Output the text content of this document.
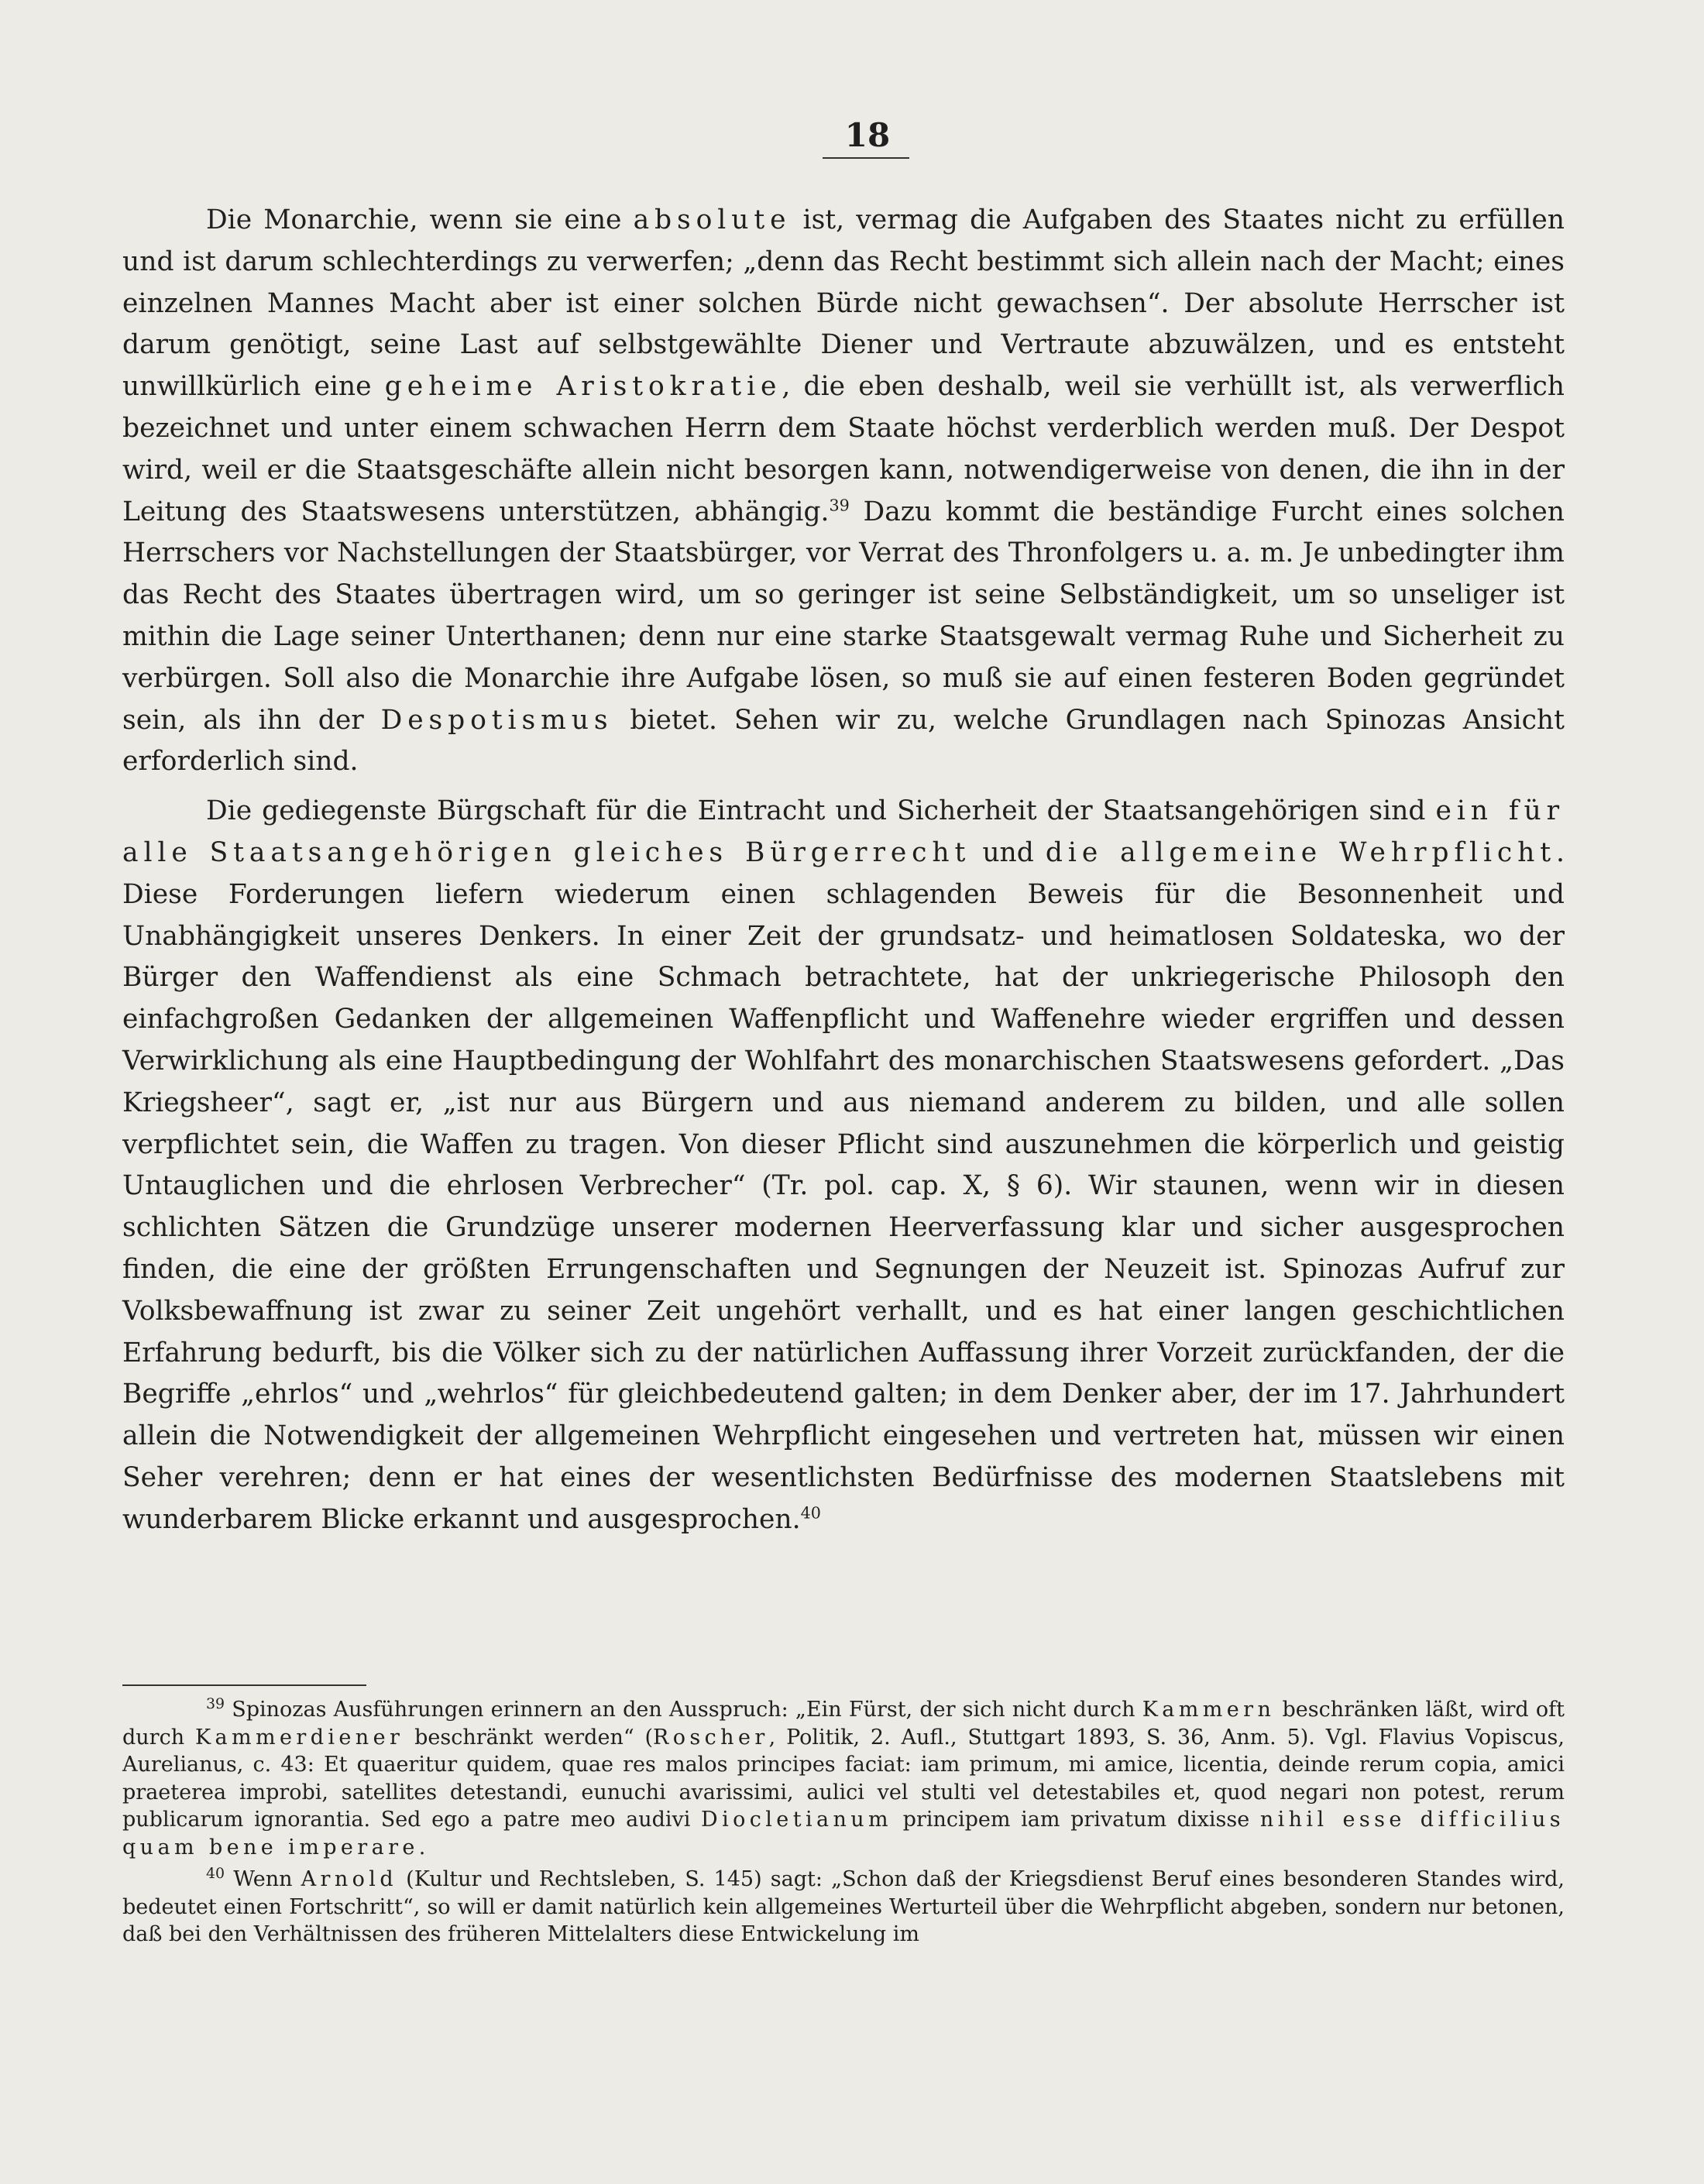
18

Die Monarchie, wenn sie eine absolute ist, vermag die Aufgaben des Staates nicht zu erfüllen und ist darum schlechterdings zu verwerfen; „denn das Recht bestimmt sich allein nach der Macht; eines einzelnen Mannes Macht aber ist einer solchen Bürde nicht gewachsen“. Der absolute Herrscher ist darum genötigt, seine Last auf selbstgewählte Diener und Vertraute abzuwälzen, und es entsteht unwillkürlich eine geheime Aristokratie, die eben deshalb, weil sie verhüllt ist, als verwerflich bezeichnet und unter einem schwachen Herrn dem Staate höchst verderblich werden muß. Der Despot wird, weil er die Staatsgeschäfte allein nicht besorgen kann, notwendigerweise von denen, die ihn in der Leitung des Staatswesens unterstützen, abhängig.$^{39}$ Dazu kommt die beständige Furcht eines solchen Herrschers vor Nachstellungen der Staatsbürger, vor Verrat des Thronfolgers u. a. m. Je unbedingter ihm das Recht des Staates übertragen wird, um so geringer ist seine Selbständigkeit, um so unseliger ist mithin die Lage seiner Unterthanen; denn nur eine starke Staatsgewalt vermag Ruhe und Sicherheit zu verbürgen. Soll also die Monarchie ihre Aufgabe lösen, so muß sie auf einen festeren Boden gegründet sein, als ihn der Despotismus bietet. Sehen wir zu, welche Grundlagen nach Spinozas Ansicht erforderlich sind.

Die gediegenste Bürgschaft für die Eintracht und Sicherheit der Staatsangehörigen sind ein für alle Staatsangehörigen gleiches Bürgerrecht und die allgemeine Wehrpflicht. Diese Forderungen liefern wiederum einen schlagenden Beweis für die Besonnenheit und Unabhängigkeit unseres Denkers. In einer Zeit der grundsatz- und heimatlosen Soldateska, wo der Bürger den Waffendienst als eine Schmach betrachtete, hat der unkriegerische Philosoph den einfachgroßen Gedanken der allgemeinen Waffenpflicht und Waffenehre wieder ergriffen und dessen Verwirklichung als eine Hauptbedingung der Wohlfahrt des monarchischen Staatswesens gefordert. „Das Kriegsheer“, sagt er, „ist nur aus Bürgern und aus niemand anderem zu bilden, und alle sollen verpflichtet sein, die Waffen zu tragen. Von dieser Pflicht sind auszunehmen die körperlich und geistig Untauglichen und die ehrlosen Verbrecher“ (Tr. pol. cap. X, § 6). Wir staunen, wenn wir in diesen schlichten Sätzen die Grundzüge unserer modernen Heerverfassung klar und sicher ausgesprochen finden, die eine der größten Errungenschaften und Segnungen der Neuzeit ist. Spinozas Aufruf zur Volksbewaffnung ist zwar zu seiner Zeit ungehört verhallt, und es hat einer langen geschichtlichen Erfahrung bedurft, bis die Völker sich zu der natürlichen Auffassung ihrer Vorzeit zurückfanden, der die Begriffe „ehrlos“ und „wehrlos“ für gleichbedeutend galten; in dem Denker aber, der im 17. Jahrhundert allein die Notwendigkeit der allgemeinen Wehrpflicht eingesehen und vertreten hat, müssen wir einen Seher verehren; denn er hat eines der wesentlichsten Bedürfnisse des modernen Staatslebens mit wunderbarem Blicke erkannt und ausgesprochen.$^{40}$

$^{39}$ Spinozas Ausführungen erinnern an den Ausspruch: „Ein Fürst, der sich nicht durch Kammern beschränken läßt, wird oft durch Kammerdiener beschränkt werden“ (Roscher, Politik, 2. Aufl., Stuttgart 1893, S. 36, Anm. 5). Vgl. Flavius Vopiscus, Aurelianus, c. 43: Et quaeritur quidem, quae res malos principes faciat: iam primum, mi amice, licentia, deinde rerum copia, amici praeterea improbi, satellites detestandi, eunuchi avarissimi, aulici vel stulti vel detestabiles et, quod negari non potest, rerum publicarum ignorantia. Sed ego a patre meo audivi Diocletianum principem iam privatum dixisse nihil esse difficilius quam bene imperare.

$^{40}$ Wenn Arnold (Kultur und Rechtsleben, S. 145) sagt: „Schon daß der Kriegsdienst Beruf eines besonderen Standes wird, bedeutet einen Fortschritt“, so will er damit natürlich kein allgemeines Werturteil über die Wehrpflicht abgeben, sondern nur betonen, daß bei den Verhältnissen des früheren Mittelalters diese Entwickelung im
